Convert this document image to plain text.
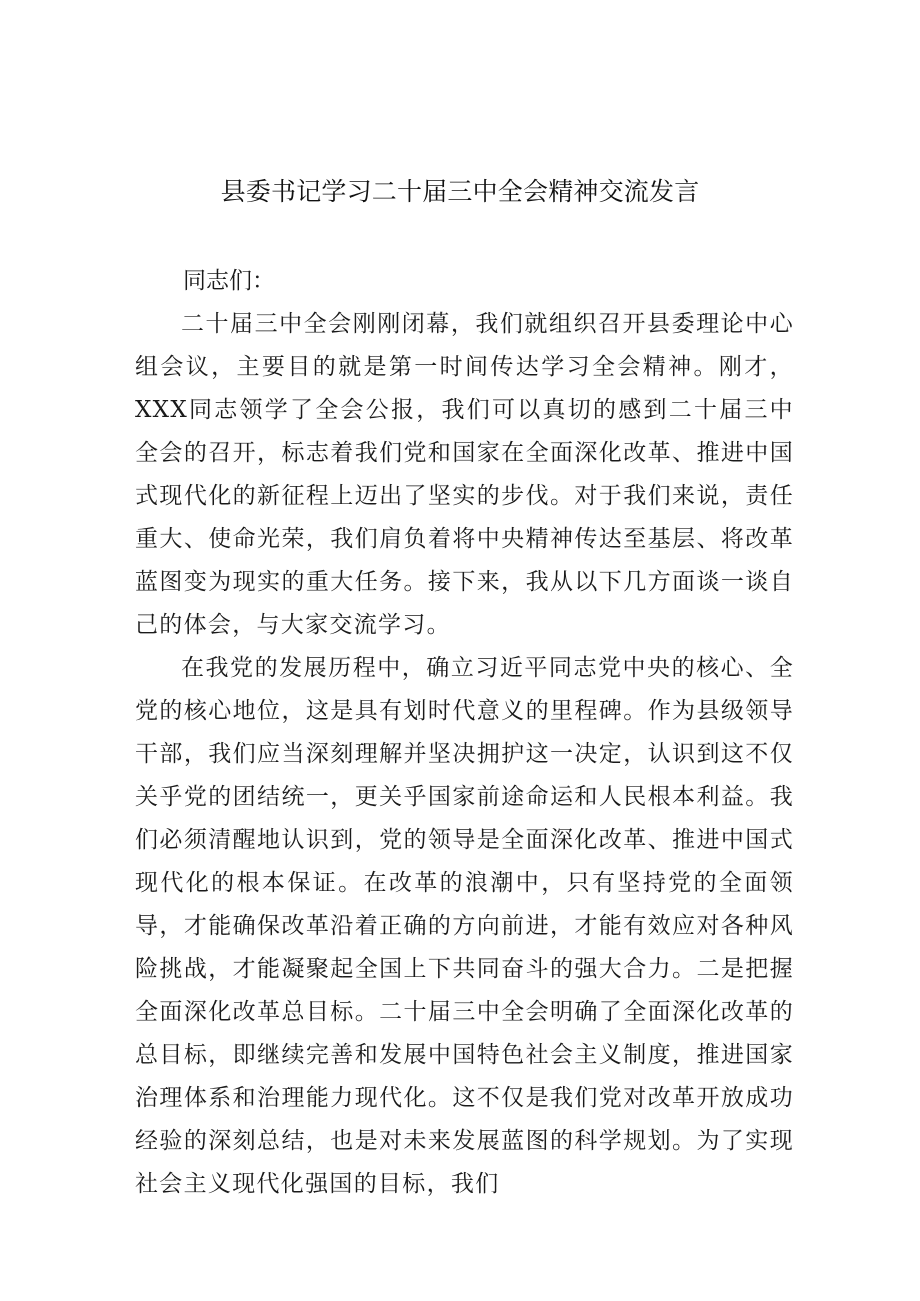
县委书记学习二十届三中全会精神交流发言

同志们：

二十届三中全会刚刚闭幕，我们就组织召开县委理论中心组会议，主要目的就是第一时间传达学习全会精神。刚才，XXX同志领学了全会公报，我们可以真切的感到二十届三中全会的召开，标志着我们党和国家在全面深化改革、推进中国式现代化的新征程上迈出了坚实的步伐。对于我们来说，责任重大、使命光荣，我们肩负着将中央精神传达至基层、将改革蓝图变为现实的重大任务。接下来，我从以下几方面谈一谈自己的体会，与大家交流学习。

在我党的发展历程中，确立习近平同志党中央的核心、全党的核心地位，这是具有划时代意义的里程碑。作为县级领导干部，我们应当深刻理解并坚决拥护这一决定，认识到这不仅关乎党的团结统一，更关乎国家前途命运和人民根本利益。我们必须清醒地认识到，党的领导是全面深化改革、推进中国式现代化的根本保证。在改革的浪潮中，只有坚持党的全面领导，才能确保改革沿着正确的方向前进，才能有效应对各种风险挑战，才能凝聚起全国上下共同奋斗的强大合力。二是把握全面深化改革总目标。二十届三中全会明确了全面深化改革的总目标，即继续完善和发展中国特色社会主义制度，推进国家治理体系和治理能力现代化。这不仅是我们党对改革开放成功经验的深刻总结，也是对未来发展蓝图的科学规划。为了实现社会主义现代化强国的目标，我们
